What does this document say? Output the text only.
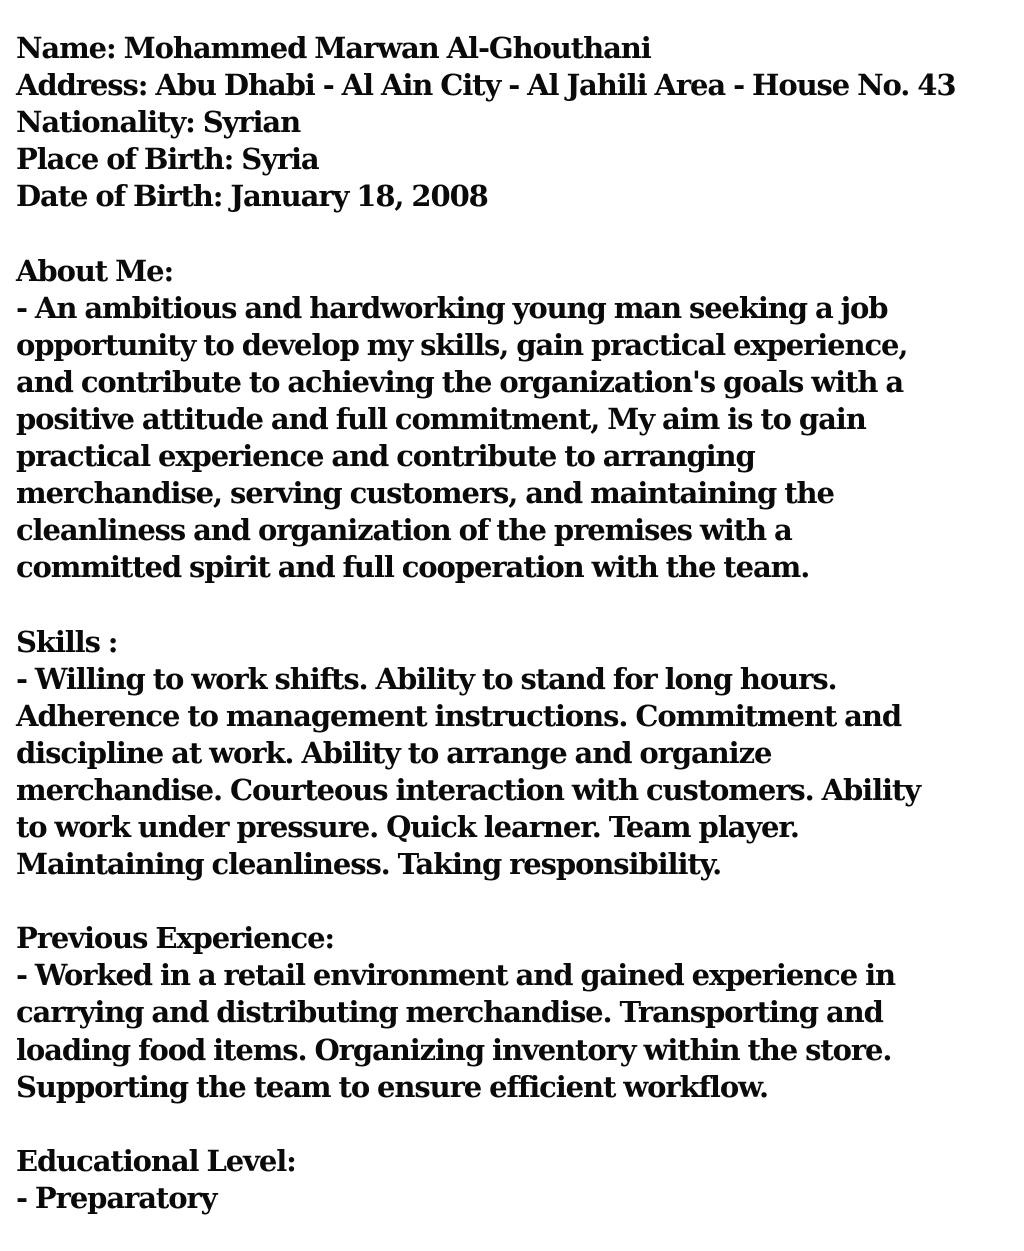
Name: Mohammed Marwan Al-Ghouthani
Address: Abu Dhabi - Al Ain City - Al Jahili Area - House No. 43
Nationality: Syrian
Place of Birth: Syria
Date of Birth: January 18, 2008
About Me:
- An ambitious and hardworking young man seeking a job
opportunity to develop my skills, gain practical experience,
and contribute to achieving the organization's goals with a
positive attitude and full commitment, My aim is to gain
practical experience and contribute to arranging
merchandise, serving customers, and maintaining the
cleanliness and organization of the premises with a
committed spirit and full cooperation with the team.
Skills :
- Willing to work shifts. Ability to stand for long hours.
Adherence to management instructions. Commitment and
discipline at work. Ability to arrange and organize
merchandise. Courteous interaction with customers. Ability
to work under pressure. Quick learner. Team player.
Maintaining cleanliness. Taking responsibility.
Previous Experience:
- Worked in a retail environment and gained experience in
carrying and distributing merchandise. Transporting and
loading food items. Organizing inventory within the store.
Supporting the team to ensure efficient workflow.
Educational Level:
- Preparatory
